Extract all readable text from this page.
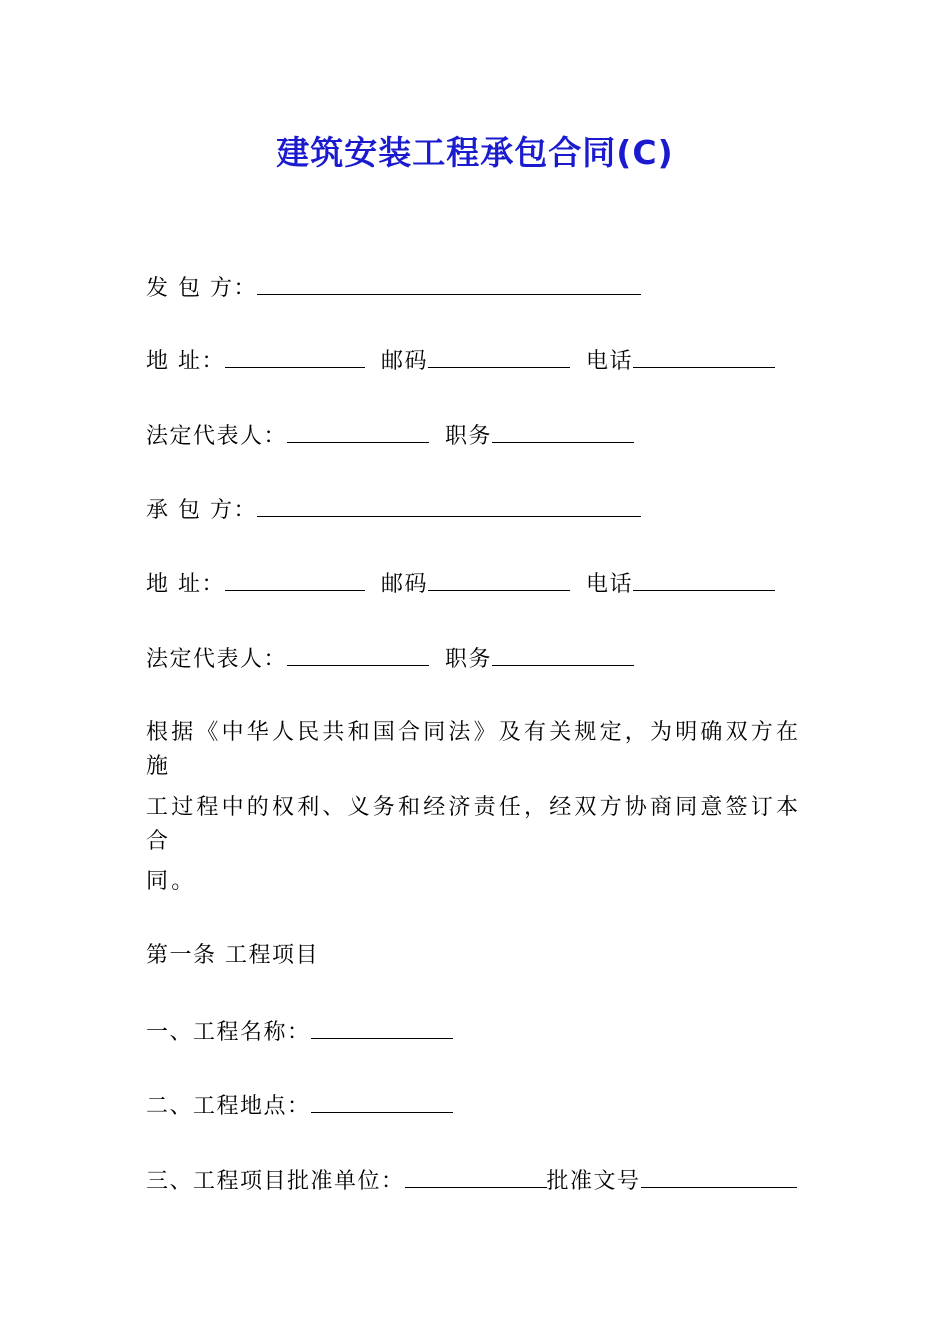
建筑安装工程承包合同(C)
发 包 方：
地 址：	邮码	电话
法定代表人：	职务
承 包 方：
地 址：	邮码	电话
法定代表人：	职务
根据《中华人民共和国合同法》及有关规定，为明确双方在施
工过程中的权利、义务和经济责任，经双方协商同意签订本合
同。
第一条 工程项目
一、工程名称：
二、工程地点：
三、工程项目批准单位：	批准文号
